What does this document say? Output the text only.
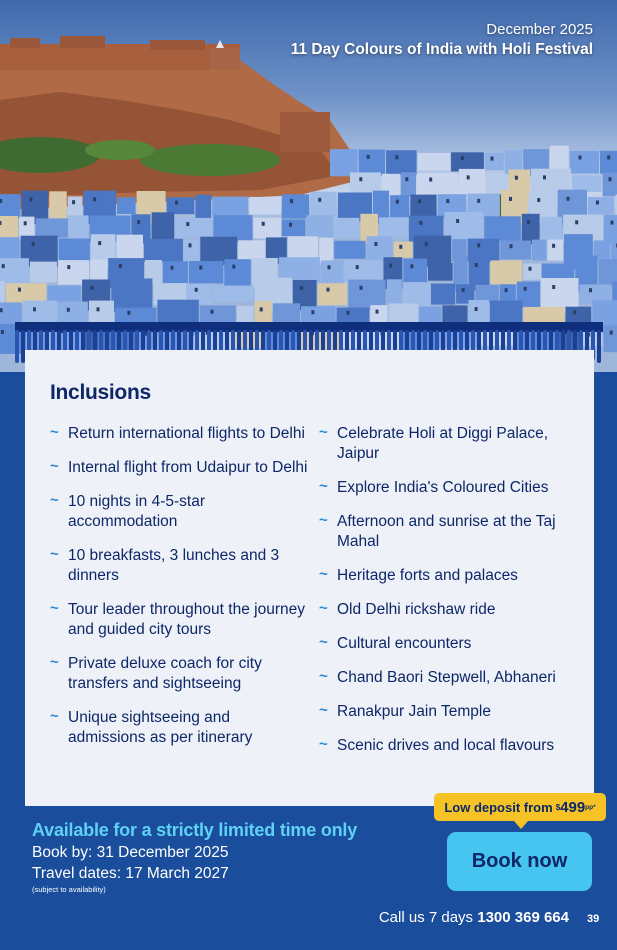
December 2025
11 Day Colours of India with Holi Festival
Inclusions
~ Return international flights to Delhi
~ Internal flight from Udaipur to Delhi
~ 10 nights in 4-5-star accommodation
~ 10 breakfasts, 3 lunches and 3 dinners
~ Tour leader throughout the journey and guided city tours
~ Private deluxe coach for city transfers and sightseeing
~ Unique sightseeing and admissions as per itinerary
~ Celebrate Holi at Diggi Palace, Jaipur
~ Explore India's Coloured Cities
~ Afternoon and sunrise at the Taj Mahal
~ Heritage forts and palaces
~ Old Delhi rickshaw ride
~ Cultural encounters
~ Chand Baori Stepwell, Abhaneri
~ Ranakpur Jain Temple
~ Scenic drives and local flavours
Available for a strictly limited time only
Book by: 31 December 2025
Travel dates: 17 March 2027
(subject to availability)
Low deposit from $ 499 pp*
Book now
Call us 7 days 1300 369 664 39
